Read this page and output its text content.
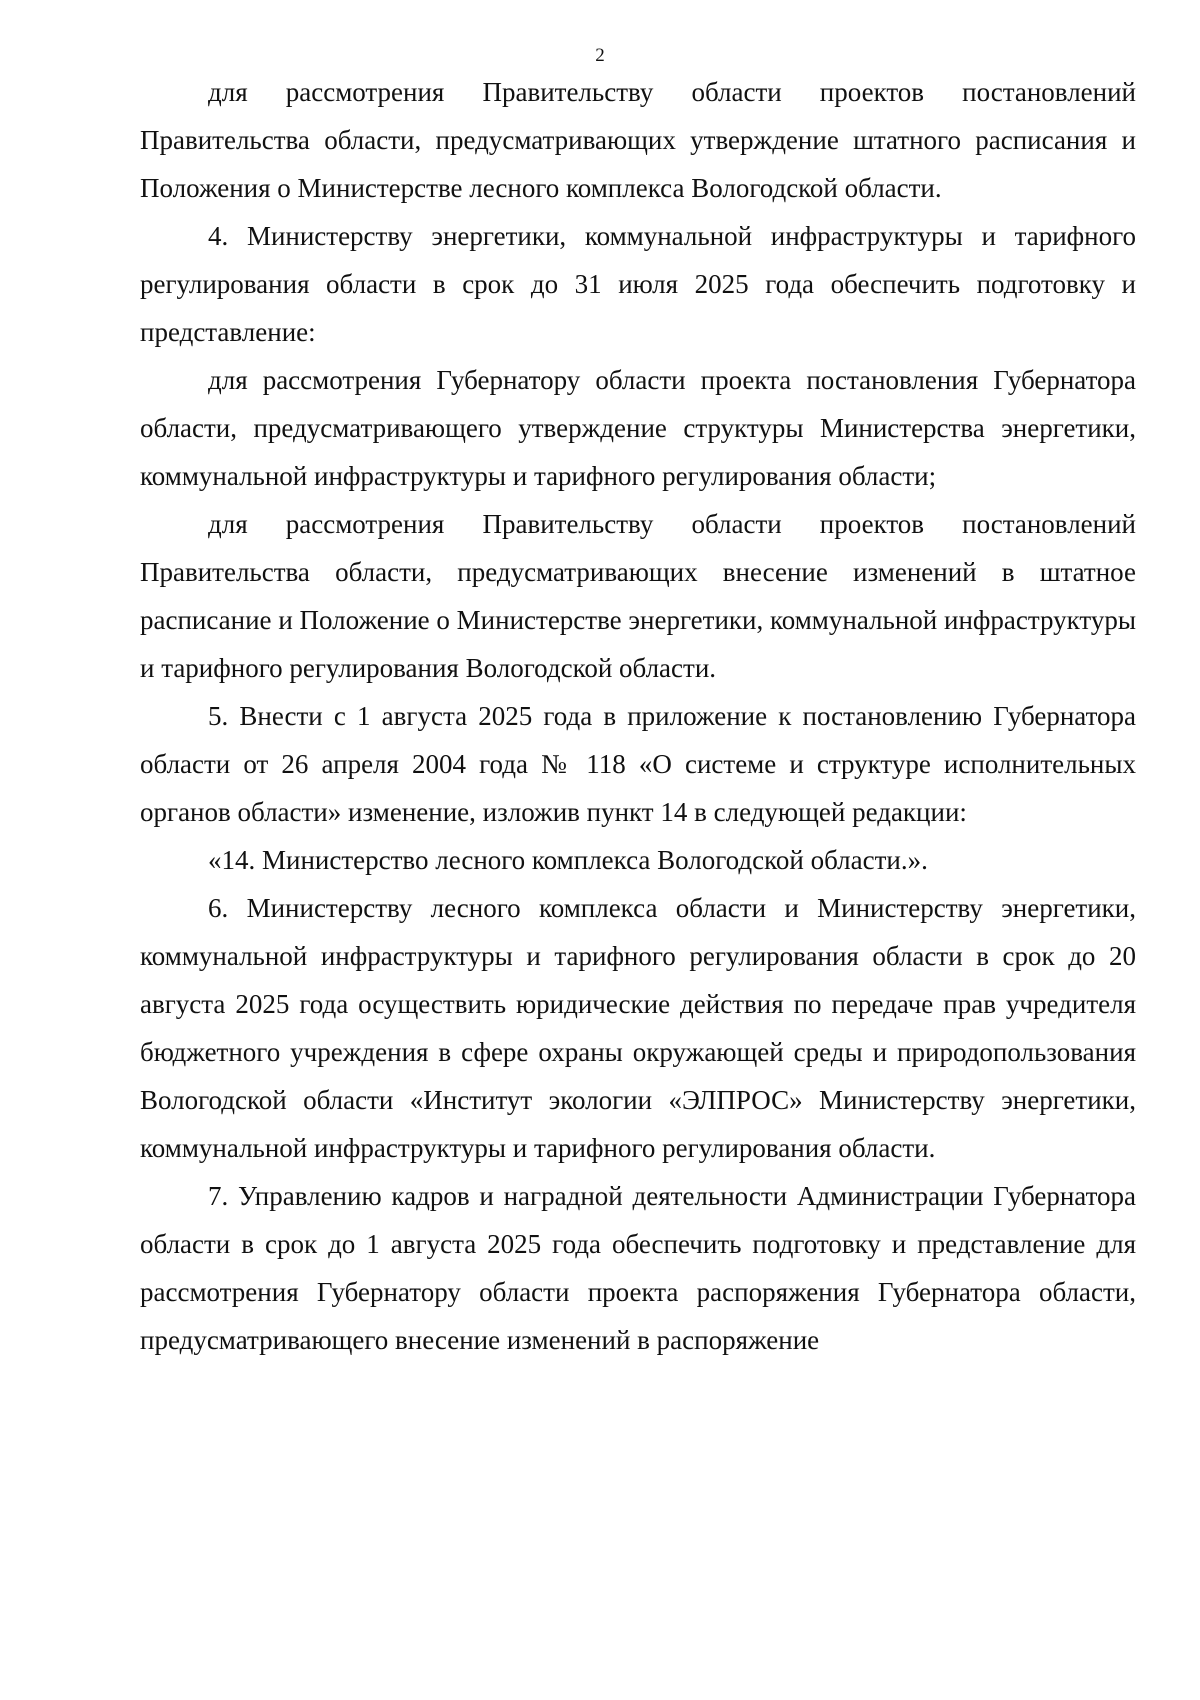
2

для рассмотрения Правительству области проектов постановлений Правительства области, предусматривающих утверждение штатного расписания и Положения о Министерстве лесного комплекса Вологодской области.

4. Министерству энергетики, коммунальной инфраструктуры и тарифного регулирования области в срок до 31 июля 2025 года обеспечить подготовку и представление:

для рассмотрения Губернатору области проекта постановления Губернатора области, предусматривающего утверждение структуры Министерства энергетики, коммунальной инфраструктуры и тарифного регулирования области;

для рассмотрения Правительству области проектов постановлений Правительства области, предусматривающих внесение изменений в штатное расписание и Положение о Министерстве энергетики, коммунальной инфраструктуры и тарифного регулирования Вологодской области.

5. Внести с 1 августа 2025 года в приложение к постановлению Губернатора области от 26 апреля 2004 года № 118 «О системе и структуре исполнительных органов области» изменение, изложив пункт 14 в следующей редакции:

«14. Министерство лесного комплекса Вологодской области.».

6. Министерству лесного комплекса области и Министерству энергетики, коммунальной инфраструктуры и тарифного регулирования области в срок до 20 августа 2025 года осуществить юридические действия по передаче прав учредителя бюджетного учреждения в сфере охраны окружающей среды и природопользования Вологодской области «Институт экологии «ЭЛПРОС» Министерству энергетики, коммунальной инфраструктуры и тарифного регулирования области.

7. Управлению кадров и наградной деятельности Администрации Губернатора области в срок до 1 августа 2025 года обеспечить подготовку и представление для рассмотрения Губернатору области проекта распоряжения Губернатора области, предусматривающего внесение изменений в распоряжение
